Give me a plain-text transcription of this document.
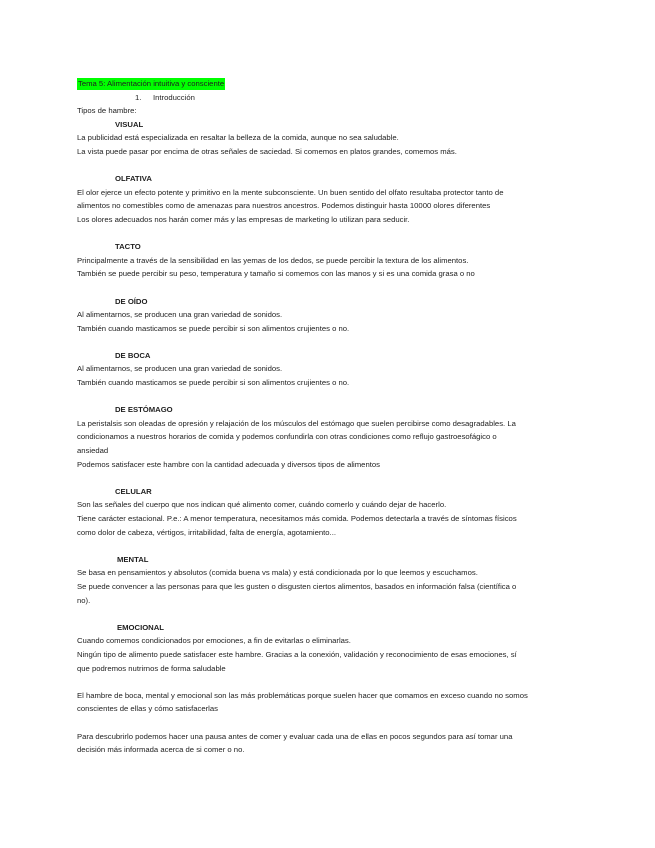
Tema 5: Alimentación intuitiva y consciente
1. Introducción

Tipos de hambre:

VISUAL

La publicidad está especializada en resaltar la belleza de la comida, aunque no sea saludable.

La vista puede pasar por encima de otras señales de saciedad. Si comemos en platos grandes, comemos más.

OLFATIVA

El olor ejerce un efecto potente y primitivo en la mente subconsciente. Un buen sentido del olfato resultaba protector tanto de

alimentos no comestibles como de amenazas para nuestros ancestros. Podemos distinguir hasta 10000 olores diferentes

Los olores adecuados nos harán comer más y las empresas de marketing lo utilizan para seducir.

TACTO

Principalmente a través de la sensibilidad en las yemas de los dedos, se puede percibir la textura de los alimentos.

También se puede percibir su peso, temperatura y tamaño si comemos con las manos y si es una comida grasa o no

DE OÍDO

Al alimentarnos, se producen una gran variedad de sonidos.

También cuando masticamos se puede percibir si son alimentos crujientes o no.

DE BOCA

Al alimentarnos, se producen una gran variedad de sonidos.

También cuando masticamos se puede percibir si son alimentos crujientes o no.

DE ESTÓMAGO

La peristalsis son oleadas de opresión y relajación de los músculos del estómago que suelen percibirse como desagradables. La

condicionamos a nuestros horarios de comida y podemos confundirla con otras condiciones como reflujo gastroesofágico o

ansiedad

Podemos satisfacer este hambre con la cantidad adecuada y diversos tipos de alimentos

CELULAR

Son las señales del cuerpo que nos indican qué alimento comer, cuándo comerlo y cuándo dejar de hacerlo.

Tiene carácter estacional. P.e.: A menor temperatura, necesitamos más comida. Podemos detectarla a través de síntomas físicos

como dolor de cabeza, vértigos, irritabilidad, falta de energía, agotamiento...

MENTAL

Se basa en pensamientos y absolutos (comida buena vs mala) y está condicionada por lo que leemos y escuchamos.

Se puede convencer a las personas para que les gusten o disgusten ciertos alimentos, basados en información falsa (científica o

no).

EMOCIONAL

Cuando comemos condicionados por emociones, a fin de evitarlas o eliminarlas.

Ningún tipo de alimento puede satisfacer este hambre. Gracias a la conexión, validación y reconocimiento de esas emociones, sí

que podremos nutrirnos de forma saludable

El hambre de boca, mental y emocional son las más problemáticas porque suelen hacer que comamos en exceso cuando no somos

conscientes de ellas y cómo satisfacerlas

Para descubrirlo podemos hacer una pausa antes de comer y evaluar cada una de ellas en pocos segundos para así tomar una

decisión más informada acerca de si comer o no.
